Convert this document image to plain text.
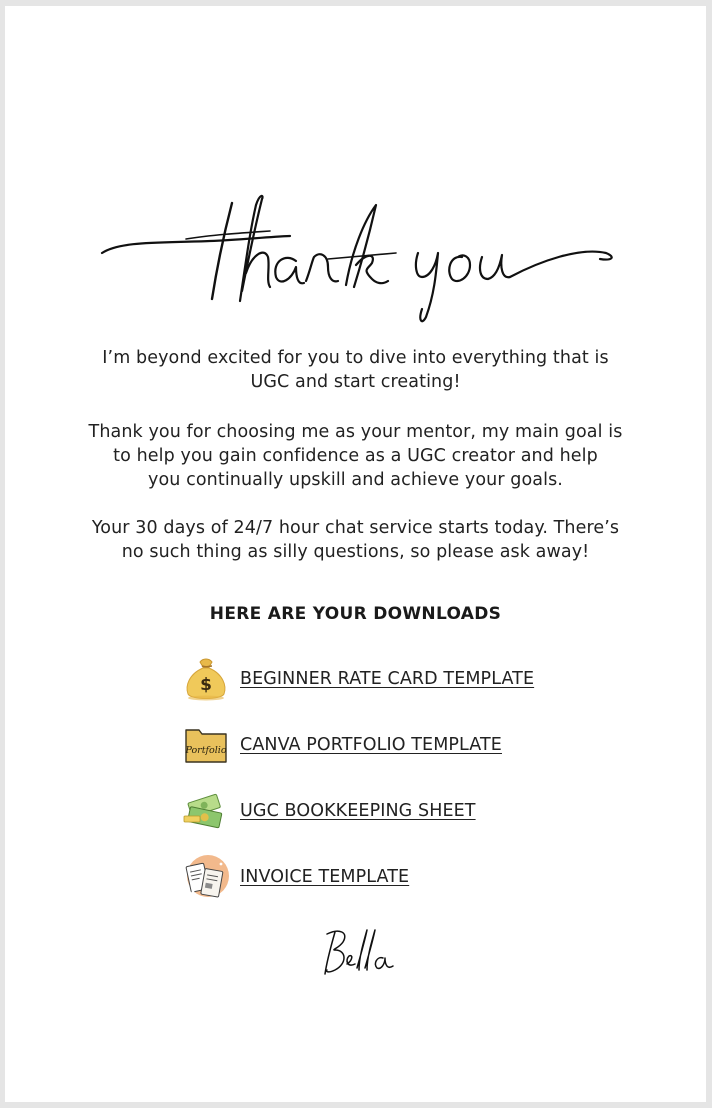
I’m beyond excited for you to dive into everything that is
UGC and start creating!
Thank you for choosing me as your mentor, my main goal is
to help you gain confidence as a UGC creator and help
you continually upskill and achieve your goals.
Your 30 days of 24/7 hour chat service starts today. There’s
no such thing as silly questions, so please ask away!
HERE ARE YOUR DOWNLOADS
$ BEGINNER RATE CARD TEMPLATE
Portfolio CANVA PORTFOLIO TEMPLATE
UGC BOOKKEEPING SHEET
INVOICE TEMPLATE
